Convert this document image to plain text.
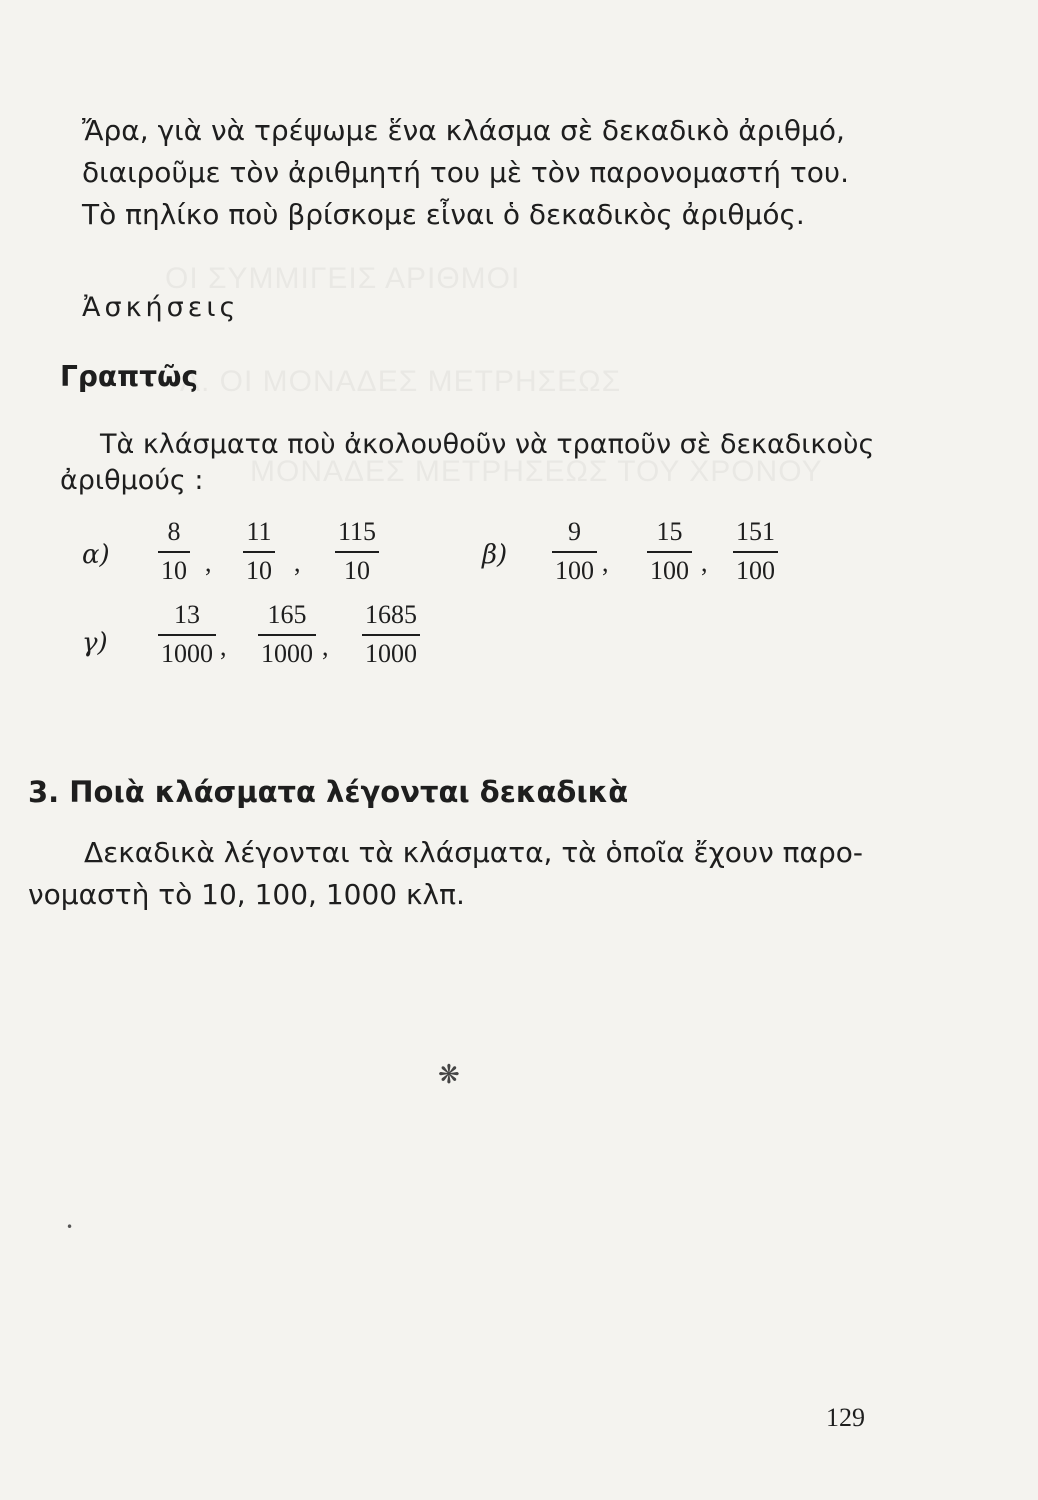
ΟΙ ΣΥΜΜΙΓΕΙΣ ΑΡΙΘΜΟΙ
Α. ΟΙ ΜΟΝΑΔΕΣ ΜΕΤΡΗΣΕΩΣ
ΜΟΝΑΔΕΣ ΜΕΤΡΗΣΕΩΣ ΤΟΥ ΧΡΟΝΟΥ
Ἄρα, γιὰ νὰ τρέψωμε ἕνα κλάσμα σὲ δεκαδικὸ ἀριθμό,
διαιροῦμε τὸν ἀριθμητή του μὲ τὸν παρονομαστή του.
Τὸ πηλίκο ποὺ βρίσκομε εἶναι ὁ δεκαδικὸς ἀριθμός.
Ἀσκήσεις
Γραπτῶς
Τὰ κλάσματα ποὺ ἀκολουθοῦν νὰ τραποῦν σὲ δεκαδικοὺς
ἀριθμούς :
α)
8
10 ,
11
10 ,
115
10
β)
9
100 ,
15
100 ,
151
100
γ)
13
1000 ,
165
1000 ,
1685
1000
3. Ποιὰ κλάσματα λέγονται δεκαδικὰ
Δεκαδικὰ λέγονται τὰ κλάσματα, τὰ ὁποῖα ἔχουν παρο-
νομαστὴ τὸ 10, 100, 1000 κλπ.
❋
•
129
